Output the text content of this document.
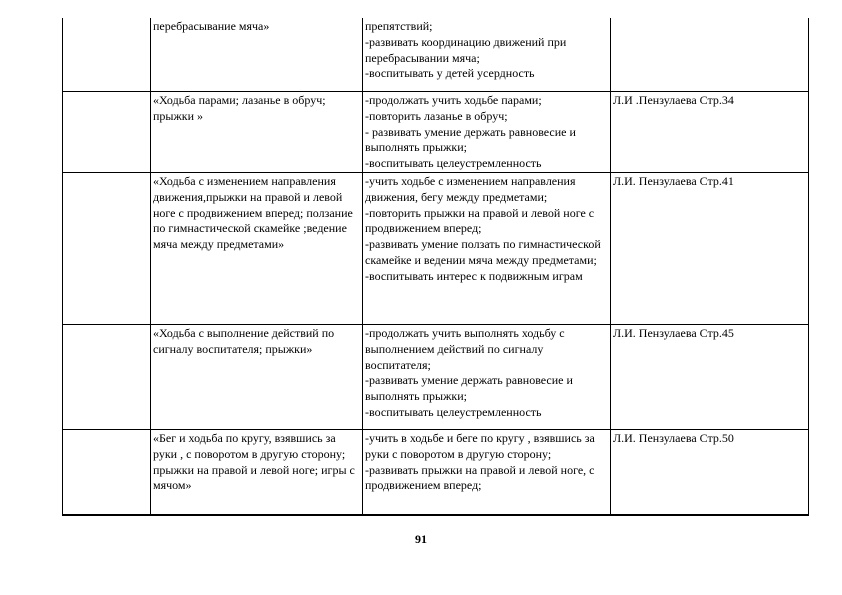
	перебрасывание мяча»	препятствий;
-развивать координацию движений при перебрасывании мяча;
-воспитывать у детей усердность	
	«Ходьба парами; лазанье в обруч; прыжки »	-продолжать учить ходьбе парами;
-повторить лазанье в обруч;
- развивать умение держать равновесие и выполнять прыжки;
-воспитывать целеустремленность	Л.И .Пензулаева Стр.34
	«Ходьба с изменением направления движения,прыжки на правой и левой ноге с продвижением вперед; ползание по гимнастической скамейке ;ведение мяча между предметами»	-учить ходьбе с изменением направления движения, бегу между предметами;
-повторить прыжки на правой и левой ноге с продвижением вперед;
-развивать умение ползать по гимнастической скамейке и ведении мяча между предметами;
-воспитывать интерес к подвижным играм	Л.И. Пензулаева Стр.41
	«Ходьба с выполнение действий по сигналу воспитателя; прыжки»	-продолжать учить выполнять ходьбу с выполнением действий по сигналу воспитателя;
-развивать умение держать равновесие и выполнять прыжки;
-воспитывать целеустремленность	Л.И. Пензулаева Стр.45
	«Бег и ходьба по кругу, взявшись за руки , с поворотом в другую сторону; прыжки на правой и левой ноге; игры с мячом»	-учить в ходьбе и беге по кругу , взявшись за руки с поворотом в другую сторону;
-развивать прыжки на правой и левой ноге, с продвижением вперед;	Л.И. Пензулаева Стр.50
91
